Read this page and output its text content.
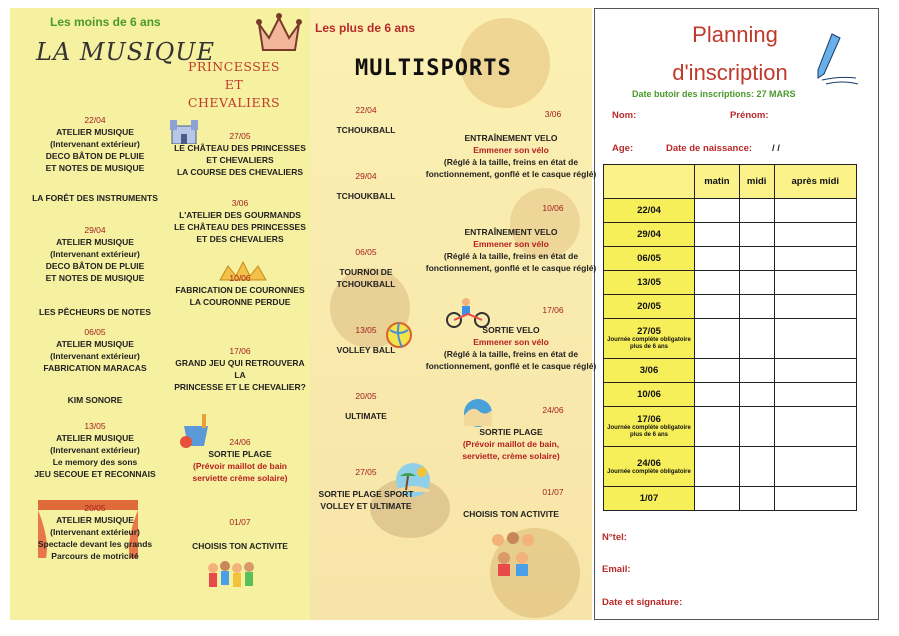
Les moins de 6 ans	Les plus de 6 ans
LA MUSIQUE
PRINCESSES ET CHEVALIERS
MULTISPORTS
22/04
ATELIER MUSIQUE
(Intervenant extérieur)
DECO BÂTON DE PLUIE
ET NOTES DE MUSIQUE
LA FORÊT DES INSTRUMENTS
29/04
ATELIER MUSIQUE
(Intervenant extérieur)
DECO BÂTON DE PLUIE
ET NOTES DE MUSIQUE
LES PÊCHEURS DE NOTES
06/05
ATELIER MUSIQUE
(Intervenant extérieur)
FABRICATION MARACAS
KIM SONORE
13/05
ATELIER MUSIQUE
(Intervenant extérieur)
Le memory des sons
JEU SECOUE ET RECONNAIS
20/05
ATELIER MUSIQUE
(Intervenant extérieur)
Spectacle devant les grands
Parcours de motricité
27/05
LE CHÂTEAU DES PRINCESSES
ET CHEVALIERS
LA COURSE DES CHEVALIERS
3/06
L'ATELIER DES GOURMANDS
LE CHÂTEAU DES PRINCESSES
ET DES CHEVALIERS
10/06
FABRICATION DE COURONNES
LA COURONNE PERDUE
17/06
GRAND JEU QUI RETROUVERA LA
PRINCESSE ET LE CHEVALIER?
24/06
SORTIE PLAGE
(Prévoir maillot de bain
serviette crème solaire)
01/07
CHOISIS TON ACTIVITE
22/04
TCHOUKBALL
29/04
TCHOUKBALL
06/05
TOURNOI DE
TCHOUKBALL
13/05
VOLLEY BALL
20/05
ULTIMATE
27/05
SORTIE PLAGE SPORT
VOLLEY ET ULTIMATE
3/06
ENTRAÎNEMENT VELO
Emmener son vélo
(Réglé à la taille, freins en état de
fonctionnement, gonflé et le casque réglé)
10/06
ENTRAÎNEMENT VELO
Emmener son vélo
(Réglé à la taille, freins en état de
fonctionnement, gonflé et le casque réglé)
17/06
SORTIE VELO
Emmener son vélo
(Réglé à la taille, freins en état de
fonctionnement, gonflé et le casque réglé)
24/06
SORTIE PLAGE
(Prévoir maillot de bain,
serviette, crème solaire)
01/07
CHOISIS TON ACTIVITE
Planning
d'inscription
Date butoir des inscriptions: 27 MARS
Nom:	Prénom:
Age:	Date de naissance: / /
	matin	midi	après midi
22/04			
29/04			
06/05			
13/05			
20/05			
27/05
Journée complète obligatoire plus de 6 ans			

3/06			
10/06			
17/06
Journée complète obligatoire plus de 6 ans			

24/06
Journée complète obligatoire			

1/07			
N°tel:
Email:
Date et signature:
